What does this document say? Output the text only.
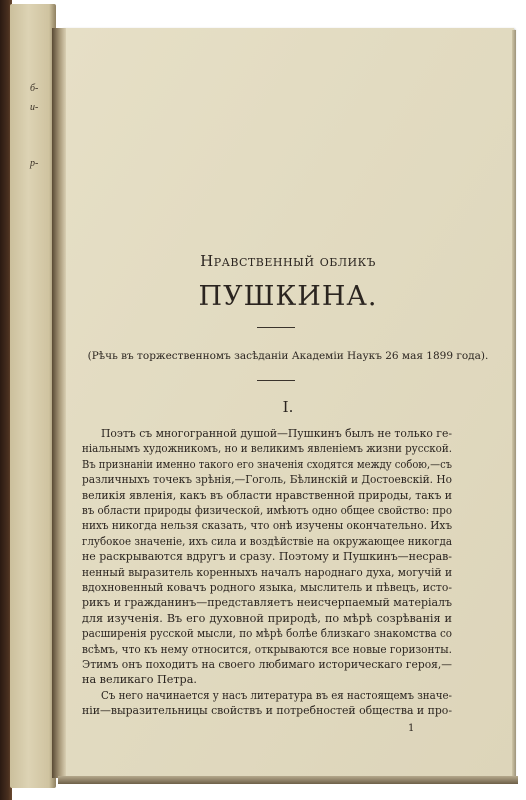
б-
и-
р-
Нравственный обликъ
ПУШКИНА.
(Рѣчь въ торжественномъ засѣданіи Академіи Наукъ 26 мая 1899 года).
I.
Поэтъ съ многогранной душой—Пушкинъ былъ не только ге-
ніальнымъ художникомъ, но и великимъ явленіемъ жизни русской.
Въ признаніи именно такого его значенія сходятся между собою,—съ
различныхъ точекъ зрѣнія,—Гоголь, Бѣлинскій и Достоевскій. Но
великія явленія, какъ въ области нравственной природы, такъ и
въ области природы физической, имѣютъ одно общее свойство: про
нихъ никогда нельзя сказать, что онѣ изучены окончательно. Ихъ
глубокое значеніе, ихъ сила и воздѣйствіе на окружающее никогда
не раскрываются вдругъ и сразу. Поэтому и Пушкинъ—несрав-
ненный выразитель коренныхъ началъ народнаго духа, могучій и
вдохновенный ковачъ родного языка, мыслитель и пѣвецъ, исто-
рикъ и гражданинъ—представляетъ неисчерпаемый матеріалъ
для изученія. Въ его духовной природѣ, по мѣрѣ созрѣванія и
расширенія русской мысли, по мѣрѣ болѣе близкаго знакомства со
всѣмъ, что къ нему относится, открываются все новые горизонты.
Этимъ онъ походитъ на своего любимаго историческаго героя,—
на великаго Петра.
Съ него начинается у насъ литература въ ея настоящемъ значе-
ніи—выразительницы свойствъ и потребностей общества и про-
1
